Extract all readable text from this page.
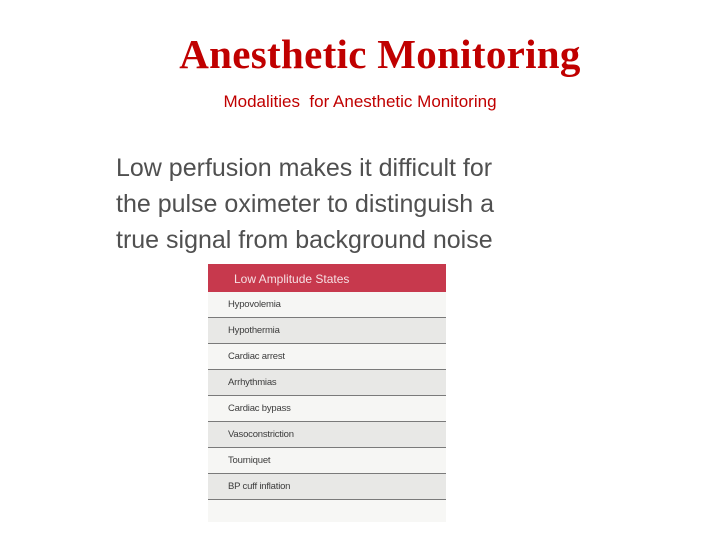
Anesthetic Monitoring
Modalities  for Anesthetic Monitoring

Low perfusion makes it difficult for
the pulse oximeter to distinguish a
true signal from background noise

Low Amplitude States
Hypovolemia
Hypothermia
Cardiac arrest
Arrhythmias
Cardiac bypass
Vasoconstriction
Tourniquet
BP cuff inflation
